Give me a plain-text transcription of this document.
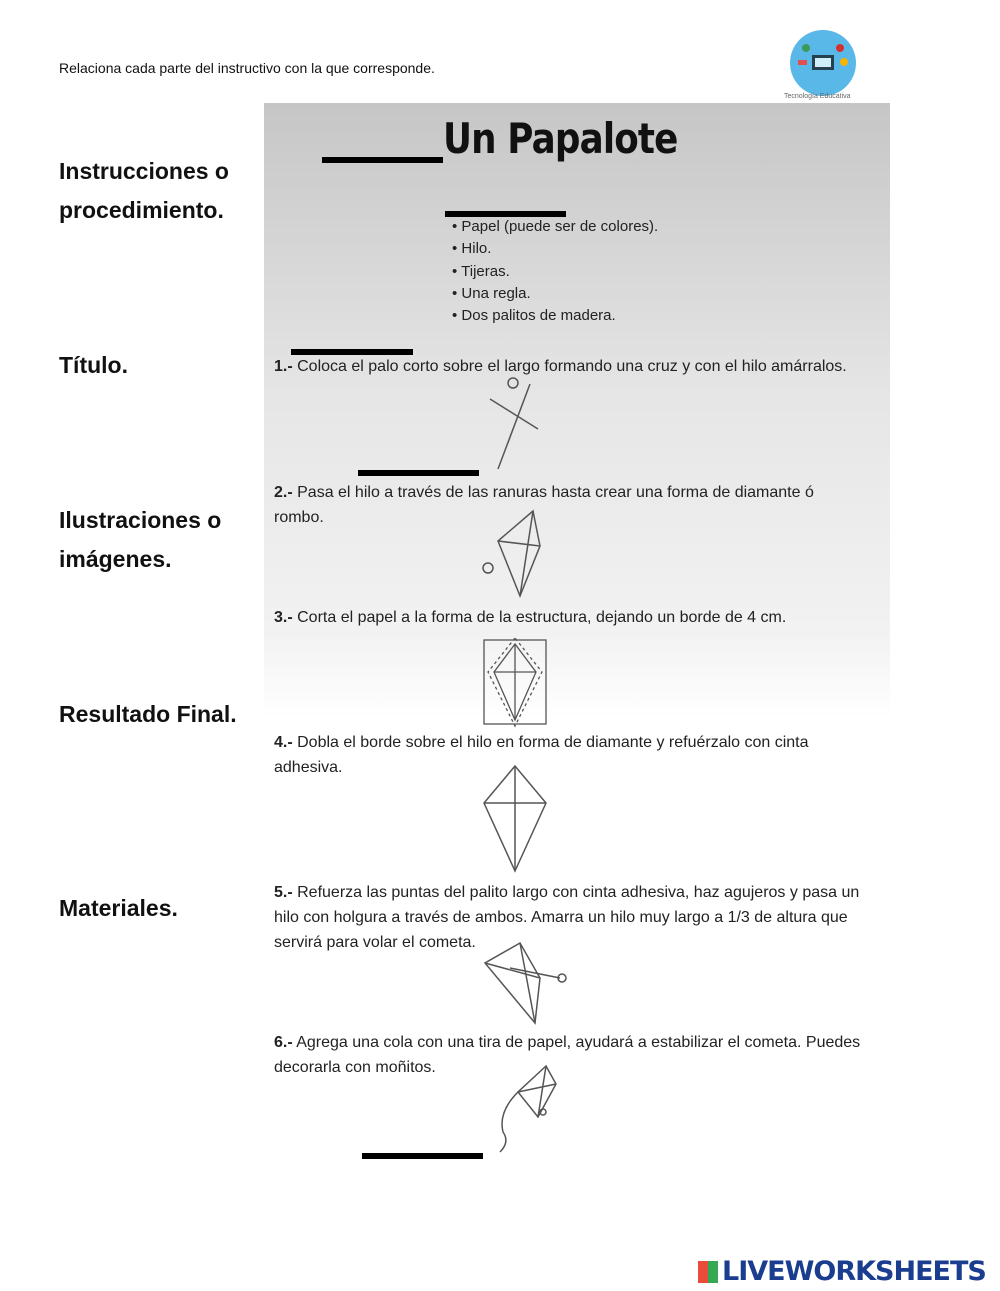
Relaciona cada parte del instructivo con la que corresponde.
Tecnología Educativa
Instrucciones o procedimiento.
Título.
Ilustraciones o imágenes.
Resultado Final.
Materiales.
Un Papalote
• Papel (puede ser de colores).
• Hilo.
• Tijeras.
• Una regla.
• Dos palitos de madera.
1.- Coloca el palo corto sobre el largo formando una cruz y con el hilo amárralos.
2.- Pasa el hilo a través de las ranuras hasta crear una forma de diamante ó rombo.
3.- Corta el papel a la forma de la estructura, dejando un borde de 4 cm.
4.- Dobla el borde sobre el hilo en forma de diamante y refuérzalo con cinta adhesiva.
5.- Refuerza las puntas del palito largo con cinta adhesiva, haz agujeros y pasa un hilo con holgura a través de ambos. Amarra un hilo muy largo a 1/3 de altura que servirá para volar el cometa.
6.- Agrega una cola con una tira de papel, ayudará a estabilizar el cometa. Puedes decorarla con moñitos.
LIVEWORKSHEETS
